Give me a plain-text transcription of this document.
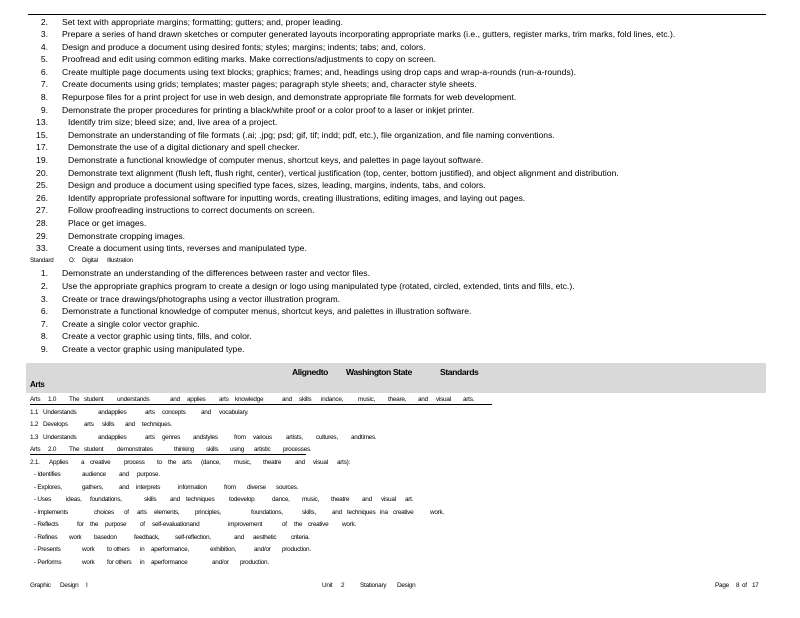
2. Set text with appropriate margins; formatting; gutters; and, proper leading.
3. Prepare a series of hand drawn sketches or computer generated layouts incorporating appropriate marks (i.e., gutters, register marks, trim marks, fold lines, etc.).
4. Design and produce a document using desired fonts; styles; margins; indents; tabs; and, colors.
5. Proofread and edit using common editing marks. Make corrections/adjustments to copy on screen.
6. Create multiple page documents using text blocks; graphics; frames; and, headings using drop caps and wrap-a-rounds (run-a-rounds).
7. Create documents using grids; templates; master pages; paragraph style sheets; and, character style sheets.
8. Repurpose files for a print project for use in web design, and demonstrate appropriate file formats for web development.
9. Demonstrate the proper procedures for printing a black/white proof or a color proof to a laser or inkjet printer.
13. Identify trim size; bleed size; and, live area of a project.
15. Demonstrate an understanding of file formats (.ai; .jpg; psd; gif, tif; indd; pdf, etc.), file organization, and file naming conventions.
17. Demonstrate the use of a digital dictionary and spell checker.
19. Demonstrate a functional knowledge of computer menus, shortcut keys, and palettes in page layout software.
20. Demonstrate text alignment (flush left, flush right, center), vertical justification (top, center, bottom justified), and object alignment and distribution.
25. Design and produce a document using specified type faces, sizes, leading, margins, indents, tabs, and colors.
26. Identify appropriate professional software for inputting words, creating illustrations, editing images, and laying out pages.
27. Follow proofreading instructions to correct documents on screen.
28. Place or get images.
29. Demonstrate cropping images.
33. Create a document using tints, reverses and manipulated type.
Standard O: Digital Illustration
1. Demonstrate an understanding of the differences between raster and vector files.
2. Use the appropriate graphics program to create a design or logo using manipulated type (rotated, circled, extended, tints and fills, etc.).
3. Create or trace drawings/photographs using a vector illustration program.
6. Demonstrate a functional knowledge of computer menus, shortcut keys, and palettes in illustration software.
7. Create a single color vector graphic.
8. Create a vector graphic using tints, fills, and color.
9. Create a vector graphic using manipulated type.
Alignedto Washington State	Standards
Arts
Arts 1.0 The student understands	and applies arts knowledge	and skills indance, music, theare, and visual arts.
1.1 Understands	andapplies	arts concepts and vocabulary.
1.2 Develops	arts skills and techniques.
1.3 Understands	andapplies	arts genres andstyles	from various artists, cultures, andtimes.
Arts 2.0 The student demonstrates	thinking skills using artistic processes.
2.1. Applies a creative process to the arts (dance, music, theatre and visual arts):
- Identifies	audience and purpose.
- Explores,	gathers, and interprets	information	from diverse sources.
- Uses ideas, foundations,	skills and techniques todevelop	dance, music, theatre and visual art.
- Implements	choices of arts elements, principles,	foundations,	skills,	and techniques ina creative	work.
- Reflects	for the purpose of self-evaluationand	improvement	of the creative work.
- Refines work basedon	feedback, self-reflection,	and aesthetic criteria.
- Presents	work to others in aperformance,	exhibition,	and/or production.
- Performs	work for others in aperformance	and/or production.
Graphic Design I	Unit 2 Stationary Design	Page 8 of 17
